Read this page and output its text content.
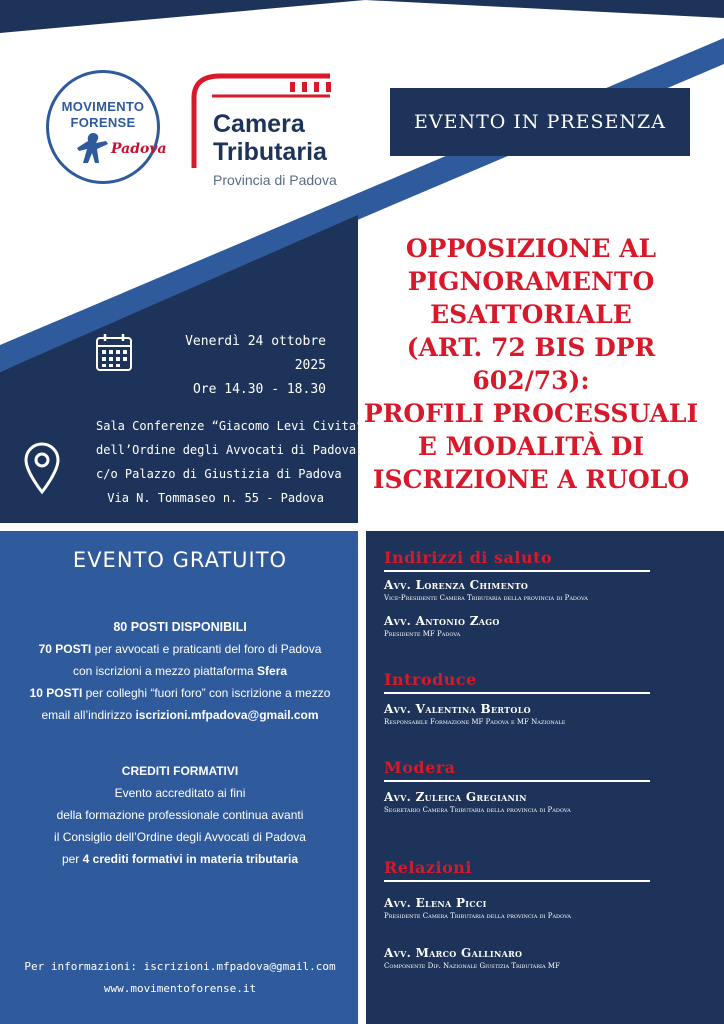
MOVIMENTO
FORENSE
Padova
Camera
Tributaria
Provincia di Padova
EVENTO IN PRESENZA
OPPOSIZIONE AL
PIGNORAMENTO
ESATTORIALE
(ART. 72 BIS DPR 602/73):
PROFILI PROCESSUALI
E MODALITÀ DI
ISCRIZIONE A RUOLO
Venerdì 24 ottobre 2025
Ore 14.30 - 18.30
Sala Conferenze “Giacomo Levi Civita”
dell’Ordine degli Avvocati di Padova
c/o Palazzo di Giustizia di Padova
Via N. Tommaseo n. 55 - Padova
EVENTO GRATUITO
80 POSTI DISPONIBILI
70 POSTI per avvocati e praticanti del foro di Padova
con iscrizioni a mezzo piattaforma Sfera
10 POSTI per colleghi “fuori foro” con iscrizione a mezzo
email all’indirizzo iscrizioni.mfpadova@gmail.com
CREDITI FORMATIVI
Evento accreditato ai fini
della formazione professionale continua avanti
il Consiglio dell’Ordine degli Avvocati di Padova
per 4 crediti formativi in materia tributaria
Per informazioni: iscrizioni.mfpadova@gmail.com
www.movimentoforense.it
Indirizzi di saluto
Avv. Lorenza Chimento
Vice-Presidente Camera Tributaria della provincia di Padova
Avv. Antonio Zago
Presidente MF Padova
Introduce
Avv. Valentina Bertolo
Responsabile Formazione MF Padova e MF Nazionale
Modera
Avv. Zuleica Gregianin
Segretario Camera Tributaria della provincia di Padova
Relazioni
Avv. Elena Picci
Presidente Camera Tributaria della provincia di Padova
Avv. Marco Gallinaro
Componente Dip. Nazionale Giustizia Tributaria MF
